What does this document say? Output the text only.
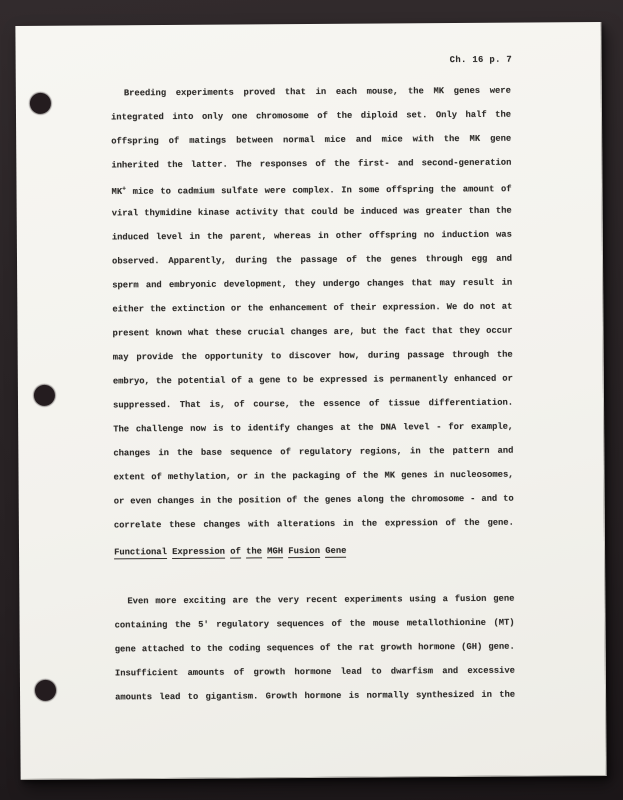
Ch. 16 p. 7
Breeding experiments proved that in each mouse, the MK genes were
integrated into only one chromosome of the diploid set. Only half the
offspring of matings between normal mice and mice with the MK gene
inherited the latter. The responses of the first- and second-generation
MK+ mice to cadmium sulfate were complex. In some offspring the amount of
viral thymidine kinase activity that could be induced was greater than the
induced level in the parent, whereas in other offspring no induction was
observed. Apparently, during the passage of the genes through egg and
sperm and embryonic development, they undergo changes that may result in
either the extinction or the enhancement of their expression. We do not at
present known what these crucial changes are, but the fact that they occur
may provide the opportunity to discover how, during passage through the
embryo, the potential of a gene to be expressed is permanently enhanced or
suppressed. That is, of course, the essence of tissue differentiation.
The challenge now is to identify changes at the DNA level - for example,
changes in the base sequence of regulatory regions, in the pattern and
extent of methylation, or in the packaging of the MK genes in nucleosomes,
or even changes in the position of the genes along the chromosome - and to
correlate these changes with alterations in the expression of the gene.
Functional Expression of the MGH Fusion Gene
Even more exciting are the very recent experiments using a fusion gene
containing the 5' regulatory sequences of the mouse metallothionine (MT)
gene attached to the coding sequences of the rat growth hormone (GH) gene.
Insufficient amounts of growth hormone lead to dwarfism and excessive
amounts lead to gigantism. Growth hormone is normally synthesized in the
